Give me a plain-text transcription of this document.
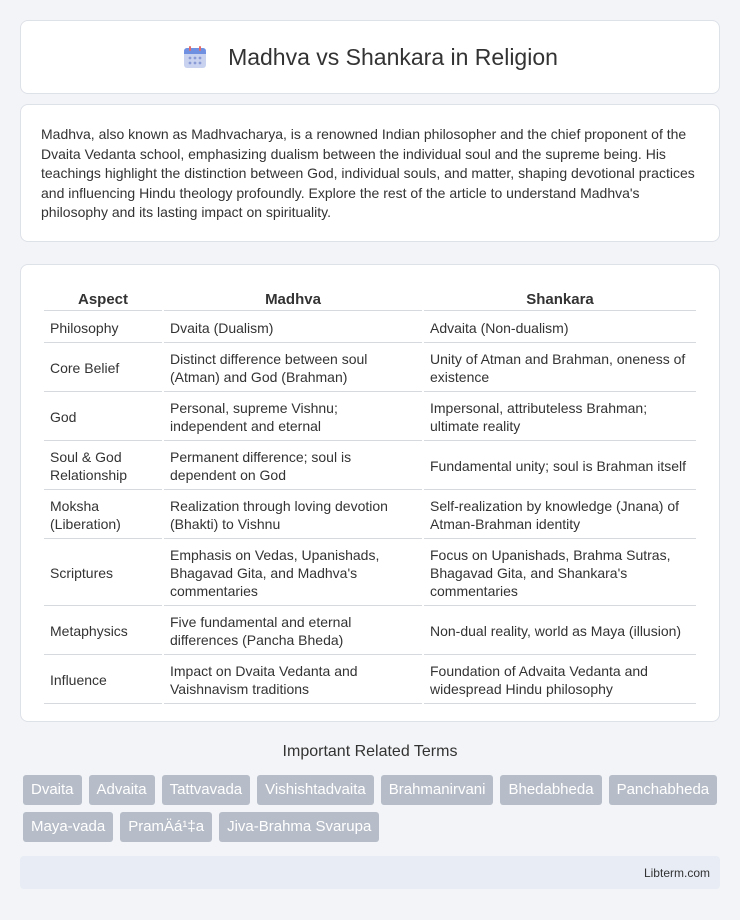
Madhva vs Shankara in Religion

Madhva, also known as Madhvacharya, is a renowned Indian philosopher and the chief proponent of the Dvaita Vedanta school, emphasizing dualism between the individual soul and the supreme being. His teachings highlight the distinction between God, individual souls, and matter, shaping devotional practices and influencing Hindu theology profoundly. Explore the rest of the article to understand Madhva's philosophy and its lasting impact on spirituality.

Aspect	Madhva	Shankara
Philosophy	Dvaita (Dualism)	Advaita (Non-dualism)
Core Belief	Distinct difference between soul (Atman) and God (Brahman)	Unity of Atman and Brahman, oneness of existence
God	Personal, supreme Vishnu; independent and eternal	Impersonal, attributeless Brahman; ultimate reality
Soul & God Relationship	Permanent difference; soul is dependent on God	Fundamental unity; soul is Brahman itself
Moksha (Liberation)	Realization through loving devotion (Bhakti) to Vishnu	Self-realization by knowledge (Jnana) of Atman-Brahman identity
Scriptures	Emphasis on Vedas, Upanishads, Bhagavad Gita, and Madhva's commentaries	Focus on Upanishads, Brahma Sutras, Bhagavad Gita, and Shankara's commentaries
Metaphysics	Five fundamental and eternal differences (Pancha Bheda)	Non-dual reality, world as Maya (illusion)
Influence	Impact on Dvaita Vedanta and Vaishnavism traditions	Foundation of Advaita Vedanta and widespread Hindu philosophy
Important Related Terms
Dvaita	Advaita	Tattvavada	Vishishtadvaita	Brahmanirvani	Bhedabheda	Panchabheda
Maya-vada	PramÄá¹‡a	Jiva-Brahma Svarupa
Libterm.com
